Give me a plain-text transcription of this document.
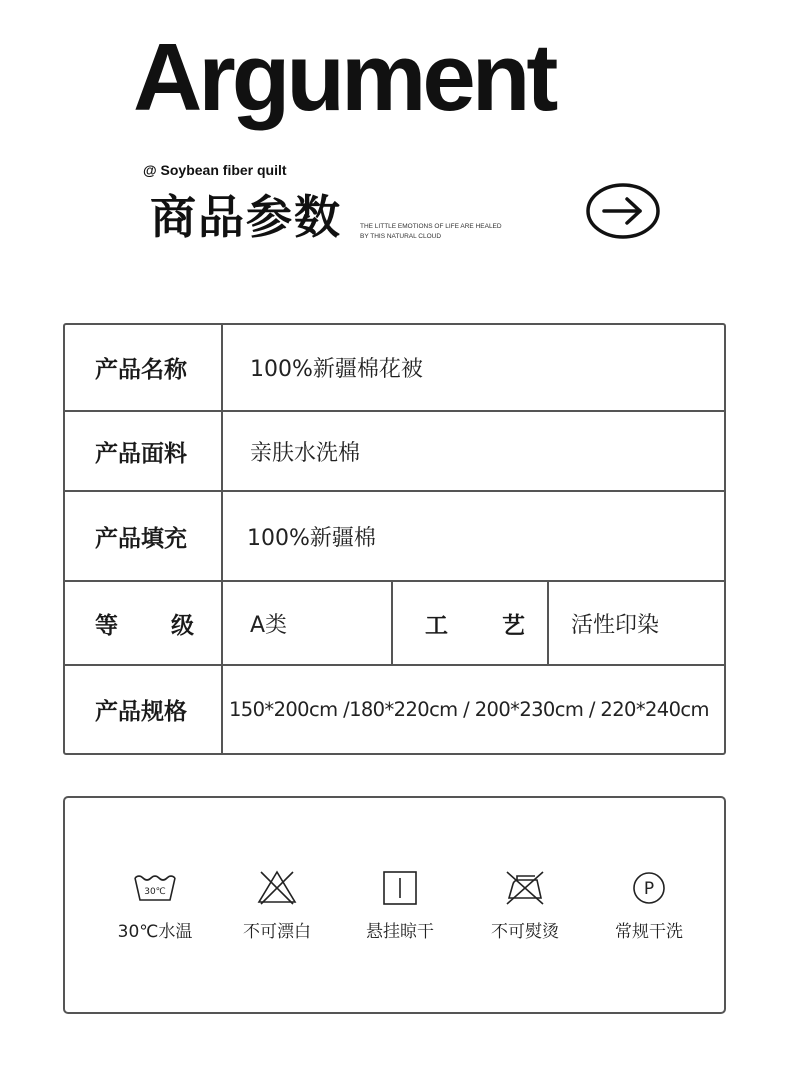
Argument
@ Soybean fiber quilt
商品参数	THE LITTLE EMOTIONS OF LIFE ARE HEALED
BY THIS NATURAL CLOUD
产品名称	100%新疆棉花被
产品面料	亲肤水洗棉
产品填充	100%新疆棉
等 级	A类	工 艺	活性印染
产品规格	150*200cm /180*220cm / 200*230cm / 220*240cm
30℃
30℃水温	不可漂白	悬挂晾干	不可熨烫
P
常规干洗
